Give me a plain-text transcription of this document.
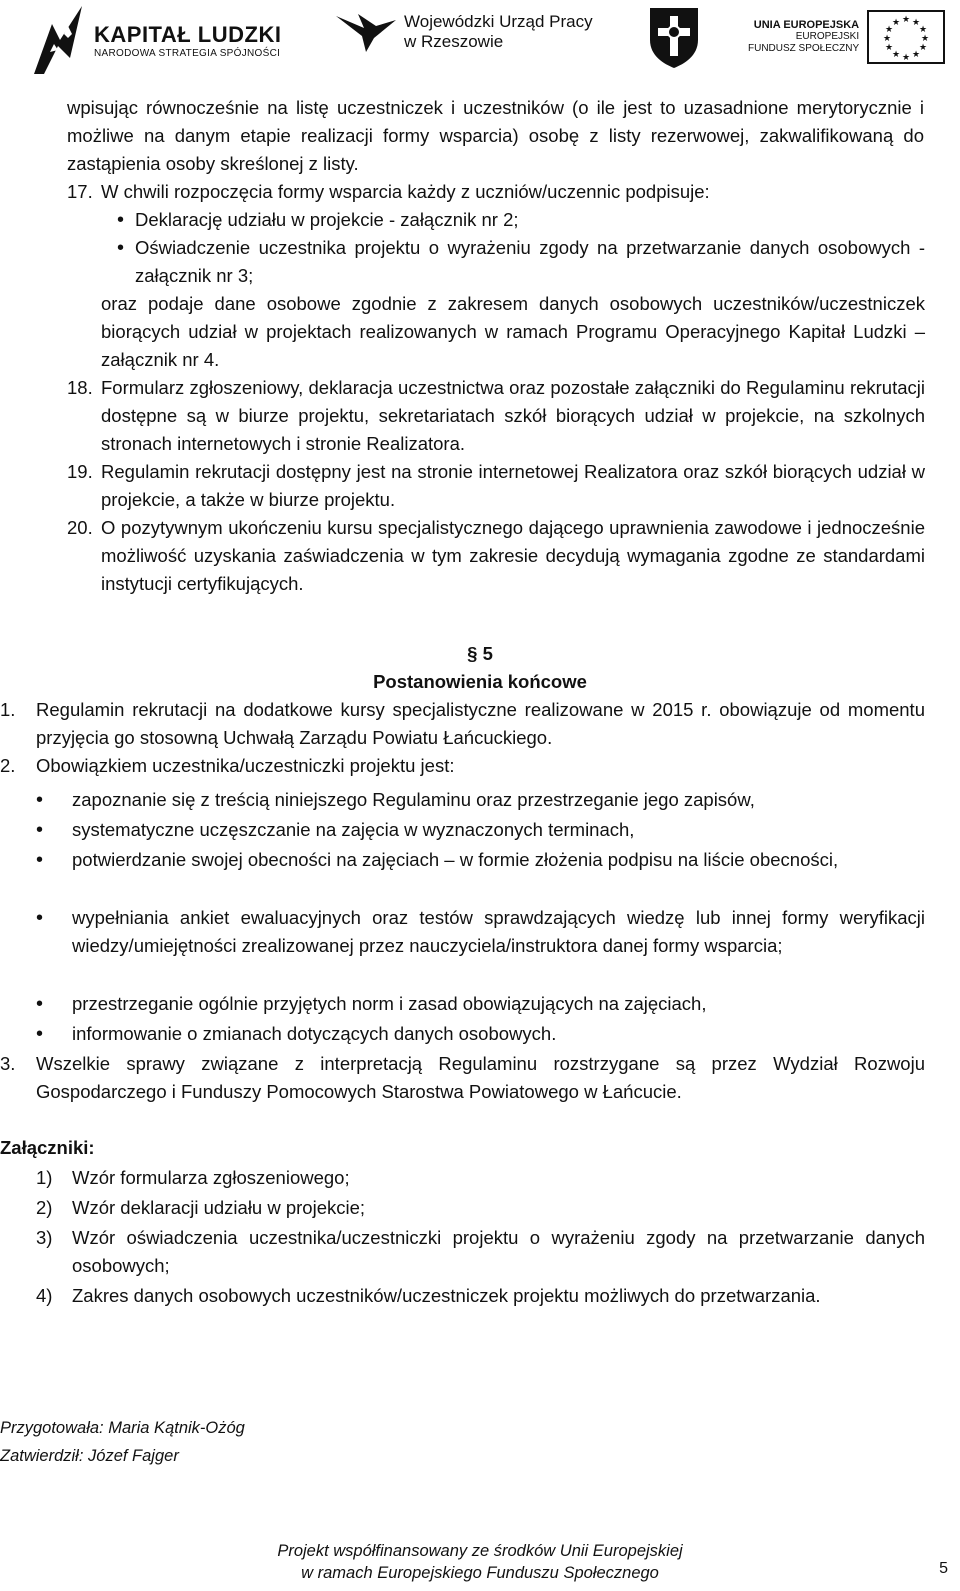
KAPITAŁ LUDZKI
NARODOWA STRATEGIA SPÓJNOŚCI
Wojewódzki Urząd Pracy
w Rzeszowie
UNIA EUROPEJSKA
EUROPEJSKI
FUNDUSZ SPOŁECZNY
★ ★
★
★
★
★
★
★
★
★
★
★
wpisując równocześnie na listę uczestniczek i uczestników (o ile jest to uzasadnione merytorycznie i możliwe na danym etapie realizacji formy wsparcia) osobę z listy rezerwowej, zakwalifikowaną do zastąpienia osoby skreślonej z listy.
17. W chwili rozpoczęcia formy wsparcia każdy z uczniów/uczennic podpisuje:
• Deklarację udziału w projekcie - załącznik nr 2;
• Oświadczenie uczestnika projektu o wyrażeniu zgody na przetwarzanie danych osobowych - załącznik nr 3;
oraz podaje dane osobowe zgodnie z zakresem danych osobowych uczestników/uczestniczek biorących udział w projektach realizowanych w ramach Programu Operacyjnego Kapitał Ludzki – załącznik nr 4.
18. Formularz zgłoszeniowy, deklaracja uczestnictwa oraz pozostałe załączniki do Regulaminu rekrutacji dostępne są w biurze projektu, sekretariatach szkół biorących udział w projekcie, na szkolnych stronach internetowych i stronie Realizatora.
19. Regulamin rekrutacji dostępny jest na stronie internetowej Realizatora oraz szkół biorących udział w projekcie, a także w biurze projektu.
20. O pozytywnym ukończeniu kursu specjalistycznego dającego uprawnienia zawodowe i jednocześnie możliwość uzyskania zaświadczenia w tym zakresie decydują wymagania zgodne ze standardami instytucji certyfikujących.
§ 5
Postanowienia końcowe
1. Regulamin rekrutacji na dodatkowe kursy specjalistyczne realizowane w 2015 r. obowiązuje od momentu przyjęcia go stosowną Uchwałą Zarządu Powiatu Łańcuckiego.
2. Obowiązkiem uczestnika/uczestniczki projektu jest:
• zapoznanie się z treścią niniejszego Regulaminu oraz przestrzeganie jego zapisów,
• systematyczne uczęszczanie na zajęcia w wyznaczonych terminach,
• potwierdzanie swojej obecności na zajęciach – w formie złożenia podpisu na liście obecności,
• wypełniania ankiet ewaluacyjnych oraz testów sprawdzających wiedzę lub innej formy weryfikacji wiedzy/umiejętności zrealizowanej przez nauczyciela/instruktora danej formy wsparcia;
• przestrzeganie ogólnie przyjętych norm i zasad obowiązujących na zajęciach,
• informowanie o zmianach dotyczących danych osobowych.
3. Wszelkie sprawy związane z interpretacją Regulaminu rozstrzygane są przez Wydział Rozwoju Gospodarczego i Funduszy Pomocowych Starostwa Powiatowego w Łańcucie.
Załączniki:
1) Wzór formularza zgłoszeniowego;
2) Wzór deklaracji udziału w projekcie;
3) Wzór oświadczenia uczestnika/uczestniczki projektu o wyrażeniu zgody na przetwarzanie danych osobowych;
4) Zakres danych osobowych uczestników/uczestniczek projektu możliwych do przetwarzania.
Przygotowała: Maria Kątnik-Ożóg
Zatwierdził: Józef Fajger
Projekt współfinansowany ze środków Unii Europejskiej
w ramach Europejskiego Funduszu Społecznego	5
